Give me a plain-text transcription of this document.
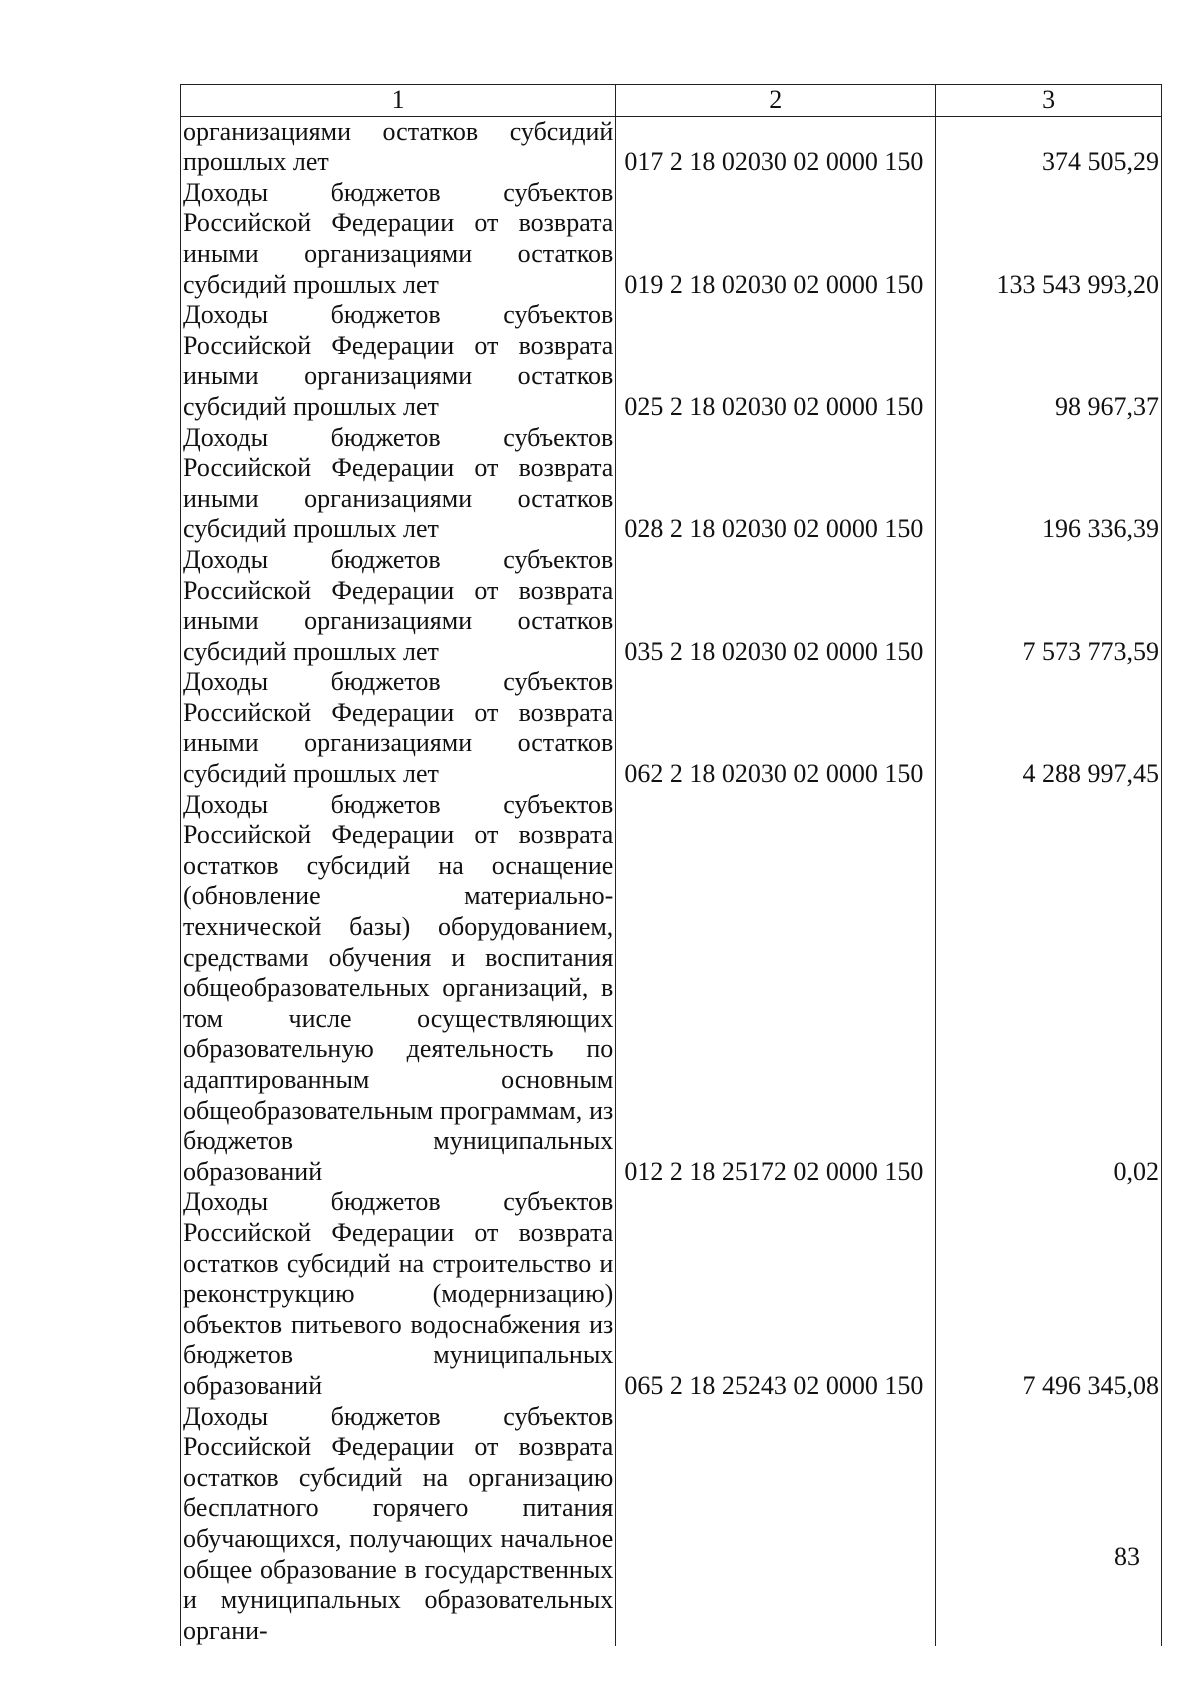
1	2	3
организациями остатков субсидий прошлых лет	017 2 18 02030 02 0000 150	374 505,29
Доходы бюджетов субъектов Российской Федерации от возврата иными организациями остатков субсидий прошлых лет	019 2 18 02030 02 0000 150	133 543 993,20
Доходы бюджетов субъектов Российской Федерации от возврата иными организациями остатков субсидий прошлых лет	025 2 18 02030 02 0000 150	98 967,37
Доходы бюджетов субъектов Российской Федерации от возврата иными организациями остатков субсидий прошлых лет	028 2 18 02030 02 0000 150	196 336,39
Доходы бюджетов субъектов Российской Федерации от возврата иными организациями остатков субсидий прошлых лет	035 2 18 02030 02 0000 150	7 573 773,59
Доходы бюджетов субъектов Российской Федерации от возврата иными организациями остатков субсидий прошлых лет	062 2 18 02030 02 0000 150	4 288 997,45
Доходы бюджетов субъектов Российской Федерации от возврата остатков субсидий на оснащение (обновление материально-технической базы) оборудованием, средствами обучения и воспитания общеобразовательных организаций, в том числе осуществляющих образовательную деятельность по адаптированным основным общеобразовательным программам, из бюджетов муниципальных образований	012 2 18 25172 02 0000 150	0,02
Доходы бюджетов субъектов Российской Федерации от возврата остатков субсидий на строительство и реконструкцию (модернизацию) объектов питьевого водоснабжения из бюджетов муниципальных образований	065 2 18 25243 02 0000 150	7 496 345,08
Доходы бюджетов субъектов Российской Федерации от возврата остатков субсидий на организацию бесплатного горячего питания обучающихся, получающих начальное общее образование в государственных и муниципальных образовательных органи-		
83
